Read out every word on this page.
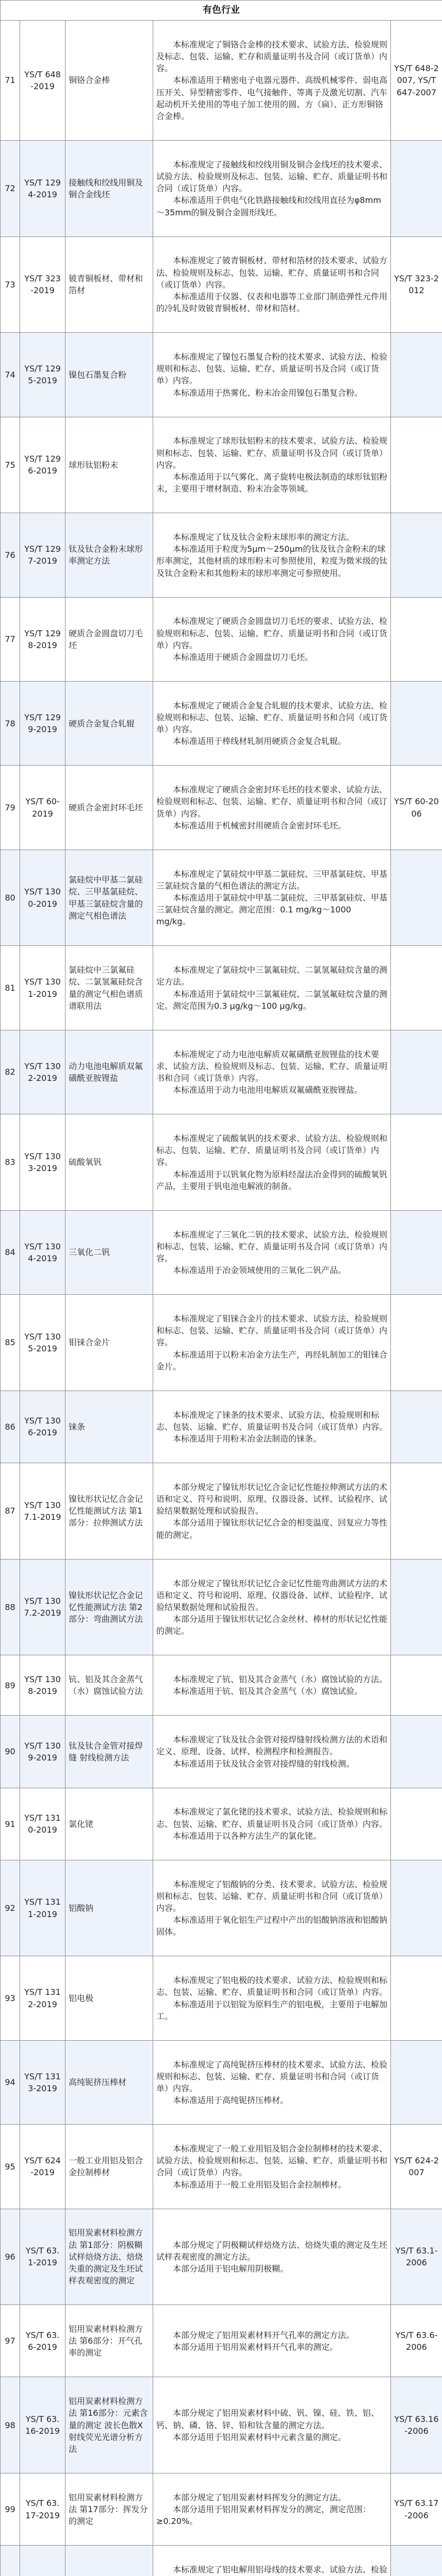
有色行业				
71	YS/T 648-2019	铜铬合金棒	本标准规定了铜铬合金棒的技术要求、试验方法、检验规则及标志、包装、运输、贮存和质量证明书及合同（或订货单）内容。

本标准适用于精密电子电器元器件、高级机械零件、弱电高压开关、异型精密零件、电气接触件、等离子及激光切割、汽车起动机开关使用的等电子加工使用的圆、方（扁）、正方形铜铬合金棒。	YS/T 648-2007, YS/T 647-2007
72	YS/T 1294-2019	接触线和绞线用铜及铜合金线坯	本标准规定了接触线和绞线用铜及铜合金线坯的技术要求、试验方法、检验规则及标志、包装、运输、贮存、质量证明书和合同（或订货单）内容。

本标准适用于供电气化铁路接触线和绞线用直径为φ8mm～35mm的铜及铜合金圆形线坯。	

73	YS/T 323-2019	铍青铜板材、带材和箔材	本标准规定了铍青铜板材、带材和箔材的技术要求、试验方法、检验规则及标志、包装、运输、贮存、质量证明书和合同（或订货单）内容。

本标准适用于仪器、仪表和电器等工业部门制造弹性元件用的冷轧及时效铍青铜板材、带材和箔材。	YS/T 323-2012
74	YS/T 1295-2019	镍包石墨复合粉	本标准规定了镍包石墨复合粉的技术要求、试验方法、检验规则和标志、包装、运输、贮存、质量证明书及合同（或订货单）内容。

本标准适用于热雾化、粉末冶金用镍包石墨复合粉。	

75	YS/T 1296-2019	球形钛铝粉末	本标准规定了球形钛铝粉末的技术要求、试验方法、检验规则和标志、包装、运输、贮存、质量证明书及合同（或订货单）内容。

本标准适用于以气雾化、离子旋转电极法制造的球形钛铝粉末，主要用于增材制造、粉末冶金等领域。	

76	YS/T 1297-2019	钛及钛合金粉末球形率测定方法	本标准规定了钛及钛合金粉末球形率的测定方法。

本标准适用于粒度为5μm～250μm的钛及钛合金粉末的球形率测定，其他材质的球形粉末可参照使用，粒度为微米级的钛及钛合金粉末和其他粉末的球形率测定可参照使用。	

77	YS/T 1298-2019	硬质合金圆盘切刀毛坯	本标准规定了硬质合金圆盘切刀毛坯的要求、试验方法、检验规则和标志、包装、运输、贮存、质量证明书和合同（或订货单）内容。

本标准适用于硬质合金圆盘切刀毛坯。	

78	YS/T 1299-2019	硬质合金复合轧辊	本标准规定了硬质合金复合轧辊的技术要求、试验方法、检验规则和标志、包装、运输、贮存、质量证明书和合同（或订货单）内容。

本标准适用于棒线材轧制用硬质合金复合轧辊。	

79	YS/T 60-2019	硬质合金密封环毛坯	本标准规定了硬质合金密封环毛坯的技术要求、试验方法、检验规则和标志、包装、运输、贮存、质量证明书和合同（或订货单）内容。

本标准适用于机械密封用硬质合金密封环毛坯。	YS/T 60-2006
80	YS/T 1300-2019	氯硅烷中甲基二氯硅烷、三甲基氯硅烷、甲基三氯硅烷含量的测定气相色谱法	本标准规定了氯硅烷中甲基二氯硅烷、三甲基氯硅烷、甲基三氯硅烷含量的气相色谱法的测定方法。

本标准适用于氯硅烷中甲基二氯硅烷、三甲基氯硅烷、甲基三氯硅烷含量的测定。测定范围：0.1 mg/kg～1000 mg/kg。	

81	YS/T 1301-2019	氯硅烷中三氯氟硅烷、二氯氢氟硅烷含量的测定气相色谱质谱联用法	本标准规定了氯硅烷中三氯氟硅烷、二氯氢氟硅烷含量的测定方法。

本标准适用于氯硅烷中三氯氟硅烷、二氯氢氟硅烷含量的测定。测定范围为0.3 μg/kg～100 μg/kg。	

82	YS/T 1302-2019	动力电池电解质双氟磺酰亚胺锂盐	本标准规定了动力电池电解质双氟磺酰亚胺锂盐的技术要求、试验方法、检验规则及标志、包装、运输、贮存、质量证明书和合同（或订货单）内容。

本标准适用于动力电池用电解质双氟磺酰亚胺锂盐。	

83	YS/T 1303-2019	硫酸氧钒	本标准规定了硫酸氧钒的技术要求、试验方法、检验规则和标志、包装、运输、贮存、质量证明书及合同（或订货单）内容。

本标准适用于以钒氧化物为原料经湿法冶金得到的硫酸氧钒产品，主要用于钒电池电解液的制备。	

84	YS/T 1304-2019	三氧化二钒	本标准规定了三氧化二钒的技术要求、试验方法、检验规则和标志、包装、运输、贮存、质量证明书及合同（或订货单）内容。

本标准适用于冶金领域使用的三氧化二钒产品。	

85	YS/T 1305-2019	钼铼合金片	本标准规定了钼铼合金片的技术要求、试验方法、检验规则和标志、包装、运输、贮存、质量证明书及合同（或订货单）内容。

本标准适用于以粉末冶金方法生产，再经轧制加工的钼铼合金片。	

86	YS/T 1306-2019	铼条	本标准规定了铼条的技术要求、试验方法、检验规则和标志、包装、运输、贮存、质量证明书及合同（或订货单）内容。

本标准适用于用粉末冶金法制造的铼条。	

87	YS/T 1307.1-2019	镍钛形状记忆合金记忆性能测试方法 第1部分：拉伸测试方法	本部分规定了镍钛形状记忆合金记忆性能拉伸测试方法的术语和定义、符号和说明、原理、仪器设备、试样、试验程序、试验结果数据处理和试验报告。

本部分适用于镍钛形状记忆合金的相变温度、回复应力等性能的测定。	

88	YS/T 1307.2-2019	镍钛形状记忆合金记忆性能测试方法 第2部分：弯曲测试方法	本部分规定了镍钛形状记忆合金记忆性能弯曲测试方法的术语和定义、符号和说明、原理、仪器设备、试样、试验程序、试验结果数据处理和试验报告。

本部分适用于镍钛形状记忆合金丝材、棒材的形状记忆性能的测定。	

89	YS/T 1308-2019	钪、铝及其合金蒸气（水）腐蚀试验方法	本标准规定了钪、铝及其合金蒸气（水）腐蚀试验的方法。

本标准适用于钪、铝及其合金蒸气（水）腐蚀试验。	

90	YS/T 1309-2019	钛及钛合金管对接焊缝 射线检测方法	本标准规定了钛及钛合金管对接焊缝射线检测方法的术语和定义、原理、设备、试样、检测程序和检测报告。

本标准适用于钛及钛合金管对接焊缝的射线检测。	

91	YS/T 1310-2019	氯化铑	本标准规定了氯化铑的技术要求、试验方法、检验规则和标志、包装、运输、贮存、质量证明书及合同（或订货单）内容。

本标准适用于以各种方法生产的氯化铑。	

92	YS/T 1311-2019	铝酸钠	本标准规定了铝酸钠的分类、技术要求、试验方法、检验规则和标志、包装、运输、贮存、质量证明书和合同（或订货单）内容。

本标准适用于氧化铝生产过程中产出的铝酸钠溶液和铝酸钠固体。	

93	YS/T 1312-2019	铝电极	本标准规定了铝电极的技术要求、试验方法、检验规则和标志、包装、运输、贮存、质量证明书和合同（或订货单）内容。

本标准适用于以铝锭为原料生产的铝电极，主要用于电解加工。	

94	YS/T 1313-2019	高纯铌挤压棒材	本标准规定了高纯铌挤压棒材的技术要求、试验方法、检验规则和标志、包装、运输、贮存、质量证明书和合同（或订货单）内容。

本标准适用于高纯铌挤压棒材。	

95	YS/T 624-2019	一般工业用铝及铝合金拉制棒材	本标准规定了一般工业用铝及铝合金拉制棒材的技术要求、试验方法、检验规则和标志、包装、运输、贮存、质量证明书和合同（或订货单）内容。

本标准适用于一般工业用铝及铝合金拉制棒材。	YS/T 624-2007
96	YS/T 63.1-2019	铝用炭素材料检测方法 第1部分：阴极糊试样焙烧方法、焙烧失重的测定及生坯试样表观密度的测定	本部分规定了阴极糊试样焙烧方法、焙烧失重的测定及生坯试样表观密度的测定方法。

本部分适用于铝电解用阴极糊。	YS/T 63.1-2006
97	YS/T 63.6-2019	铝用炭素材料检测方法 第6部分：开气孔率的测定	本部分规定了铝用炭素材料开气孔率的测定方法。

本部分适用于铝用炭素材料开气孔率的测定。	YS/T 63.6-2006
98	YS/T 63.16-2019	铝用炭素材料检测方法 第16部分：元素含量的测定 波长色散X射线荧光光谱分析方法	本部分规定了铝用炭素材料中硫、钒、镍、硅、铁、铝、钙、钠、磷、铬、锌、铅和钛含量的测定方法。

本部分适用于铝用炭素材料中元素含量的测定。	YS/T 63.16-2006
99	YS/T 63.17-2019	铝用炭素材料检测方法 第17部分：挥发分的测定	本部分规定了铝用炭素材料挥发分的测定方法。

本部分适用于铝用炭素材料挥发分的测定，测定范围：≥0.20%。	YS/T 63.17-2006

本标准规定了铝电解用铝母线的技术要求、试验方法、检验
